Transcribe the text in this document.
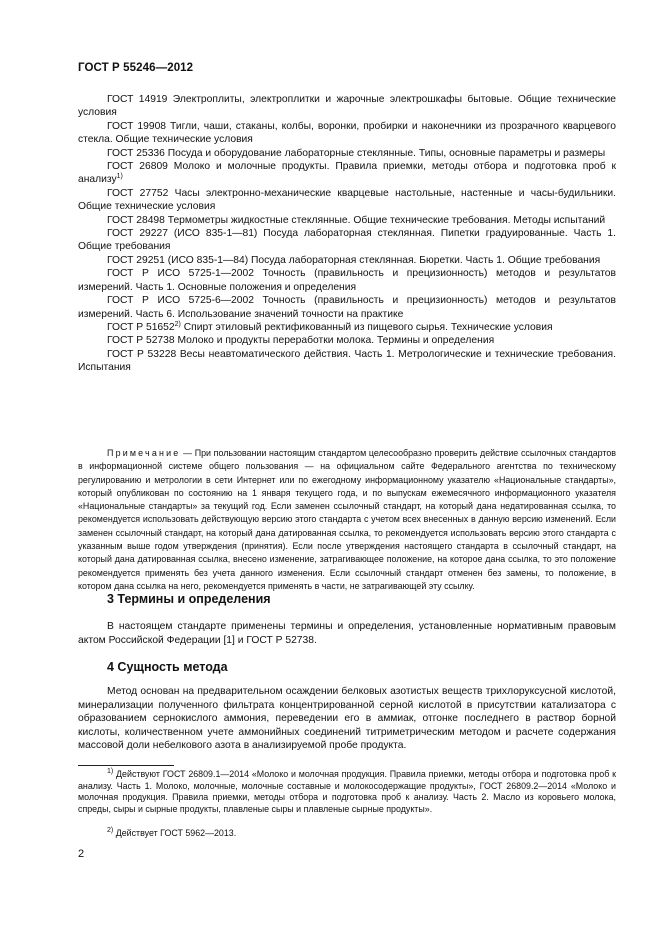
ГОСТ Р 55246—2012

ГОСТ 14919 Электроплиты, электроплитки и жарочные электрошкафы бытовые. Общие технические условия

ГОСТ 19908 Тигли, чаши, стаканы, колбы, воронки, пробирки и наконечники из прозрачного кварцевого стекла. Общие технические условия

ГОСТ 25336 Посуда и оборудование лабораторные стеклянные. Типы, основные параметры и размеры

ГОСТ 26809 Молоко и молочные продукты. Правила приемки, методы отбора и подготовка проб к анализу$^{1)}$

ГОСТ 27752 Часы электронно-механические кварцевые настольные, настенные и часы-будильники. Общие технические условия

ГОСТ 28498 Термометры жидкостные стеклянные. Общие технические требования. Методы испытаний

ГОСТ 29227 (ИСО 835-1—81) Посуда лабораторная стеклянная. Пипетки градуированные. Часть 1. Общие требования

ГОСТ 29251 (ИСО 835-1—84) Посуда лабораторная стеклянная. Бюретки. Часть 1. Общие требования

ГОСТ Р ИСО 5725-1—2002 Точность (правильность и прецизионность) методов и результатов измерений. Часть 1. Основные положения и определения

ГОСТ Р ИСО 5725-6—2002 Точность (правильность и прецизионность) методов и результатов измерений. Часть 6. Использование значений точности на практике

ГОСТ Р 51652$^{2)}$ Спирт этиловый ректификованный из пищевого сырья. Технические условия

ГОСТ Р 52738 Молоко и продукты переработки молока. Термины и определения

ГОСТ Р 53228 Весы неавтоматического действия. Часть 1. Метрологические и технические требования. Испытания

Примечание — При пользовании настоящим стандартом целесообразно проверить действие ссылочных стандартов в информационной системе общего пользования — на официальном сайте Федерального агентства по техническому регулированию и метрологии в сети Интернет или по ежегодному информационному указателю «Национальные стандарты», который опубликован по состоянию на 1 января текущего года, и по выпускам ежемесячного информационного указателя «Национальные стандарты» за текущий год. Если заменен ссылочный стандарт, на который дана недатированная ссылка, то рекомендуется использовать действующую версию этого стандарта с учетом всех внесенных в данную версию изменений. Если заменен ссылочный стандарт, на который дана датированная ссылка, то рекомендуется использовать версию этого стандарта с указанным выше годом утверждения (принятия). Если после утверждения настоящего стандарта в ссылочный стандарт, на который дана датированная ссылка, внесено изменение, затрагивающее положение, на которое дана ссылка, то это положение рекомендуется применять без учета данного изменения. Если ссылочный стандарт отменен без замены, то положение, в котором дана ссылка на него, рекомендуется применять в части, не затрагивающей эту ссылку.

3 Термины и определения

В настоящем стандарте применены термины и определения, установленные нормативным правовым актом Российской Федерации [1] и ГОСТ Р 52738.

4 Сущность метода

Метод основан на предварительном осаждении белковых азотистых веществ трихлоруксусной кислотой, минерализации полученного фильтрата концентрированной серной кислотой в присутствии катализатора с образованием сернокислого аммония, переведении его в аммиак, отгонке последнего в раствор борной кислоты, количественном учете аммонийных соединений титриметрическим методом и расчете содержания массовой доли небелкового азота в анализируемой пробе продукта.

$^{1)}$ Действуют ГОСТ 26809.1—2014 «Молоко и молочная продукция. Правила приемки, методы отбора и подготовка проб к анализу. Часть 1. Молоко, молочные, молочные составные и молокосодержащие продукты», ГОСТ 26809.2—2014 «Молоко и молочная продукция. Правила приемки, методы отбора и подготовка проб к анализу. Часть 2. Масло из коровьего молока, спреды, сыры и сырные продукты, плавленые сыры и плавленые сырные продукты».

$^{2)}$ Действует ГОСТ 5962—2013.

2
